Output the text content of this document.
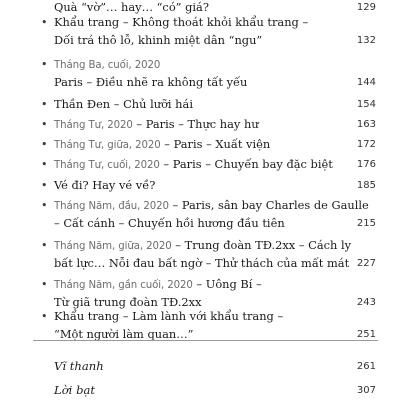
Quà “vờ”… hay… “có” giá?	129
• Khẩu trang – Không thoát khỏi khẩu trang –
Dối trá thô lỗ, khinh miệt dân “ngu”	132
• Tháng Ba, cuối, 2020
Paris – Điều nhẽ ra không tất yếu	144
• Thần Đen – Chủ lưỡi hái	154
• Tháng Tư, 2020 – Paris – Thực hay hư	163
• Tháng Tư, giữa, 2020 – Paris – Xuất viện	172
• Tháng Tư, cuối, 2020 – Paris – Chuyến bay đặc biệt	176
• Vé đi? Hay vé về?	185
• Tháng Năm, đầu, 2020 – Paris, sân bay Charles de Gaulle
– Cất cánh – Chuyến hồi hương đầu tiên	215
• Tháng Năm, giữa, 2020 – Trung đoàn TĐ.2xx – Cách ly
bất lực… Nỗi đau bất ngờ – Thử thách của mất mát 227
• Tháng Năm, gần cuối, 2020 – Uông Bí –
Từ giã trung đoàn TĐ.2xx	243
• Khẩu trang – Làm lành với khẩu trang –
“Một người làm quan…”	251
Vĩ thanh	261
Lời bạt	307
